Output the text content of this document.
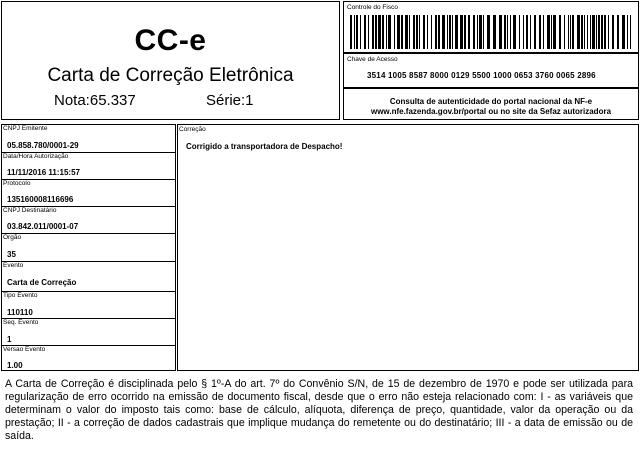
CC-e
Carta de Correção Eletrônica
Nota:65.337	Série:1
Controle do Fisco
Chave de Acesso
3514 1005 8587 8000 0129 5500 1000 0653 3760 0065 2896
Consulta de autenticidade do portal nacional da NF-e
www.nfe.fazenda.gov.br/portal ou no site da Sefaz autorizadora
CNPJ Emitente
05.858.780/0001-29
Data/Hora Autorização
11/11/2016 11:15:57
Protocolo
135160008116696
CNPJ Destinatário
03.842.011/0001-07
Orgão
35
Evento
Carta de Correção
Tipo Evento
110110
Seq. Evento
1
Versao Evento
1.00
Correção
Corrigido a transportadora de Despacho!
A Carta de Correção é disciplinada pelo § 1º-A do art. 7º do Convênio S/N, de 15 de dezembro de 1970 e pode ser utilizada para regularização de erro ocorrido na emissão de documento fiscal, desde que o erro não esteja relacionado com: I - as variáveis que determinam o valor do imposto tais como: base de cálculo, alíquota, diferença de preço, quantidade, valor da operação ou da prestação; II - a correção de dados cadastrais que implique mudança do remetente ou do destinatário; III - a data de emissão ou de saída.
